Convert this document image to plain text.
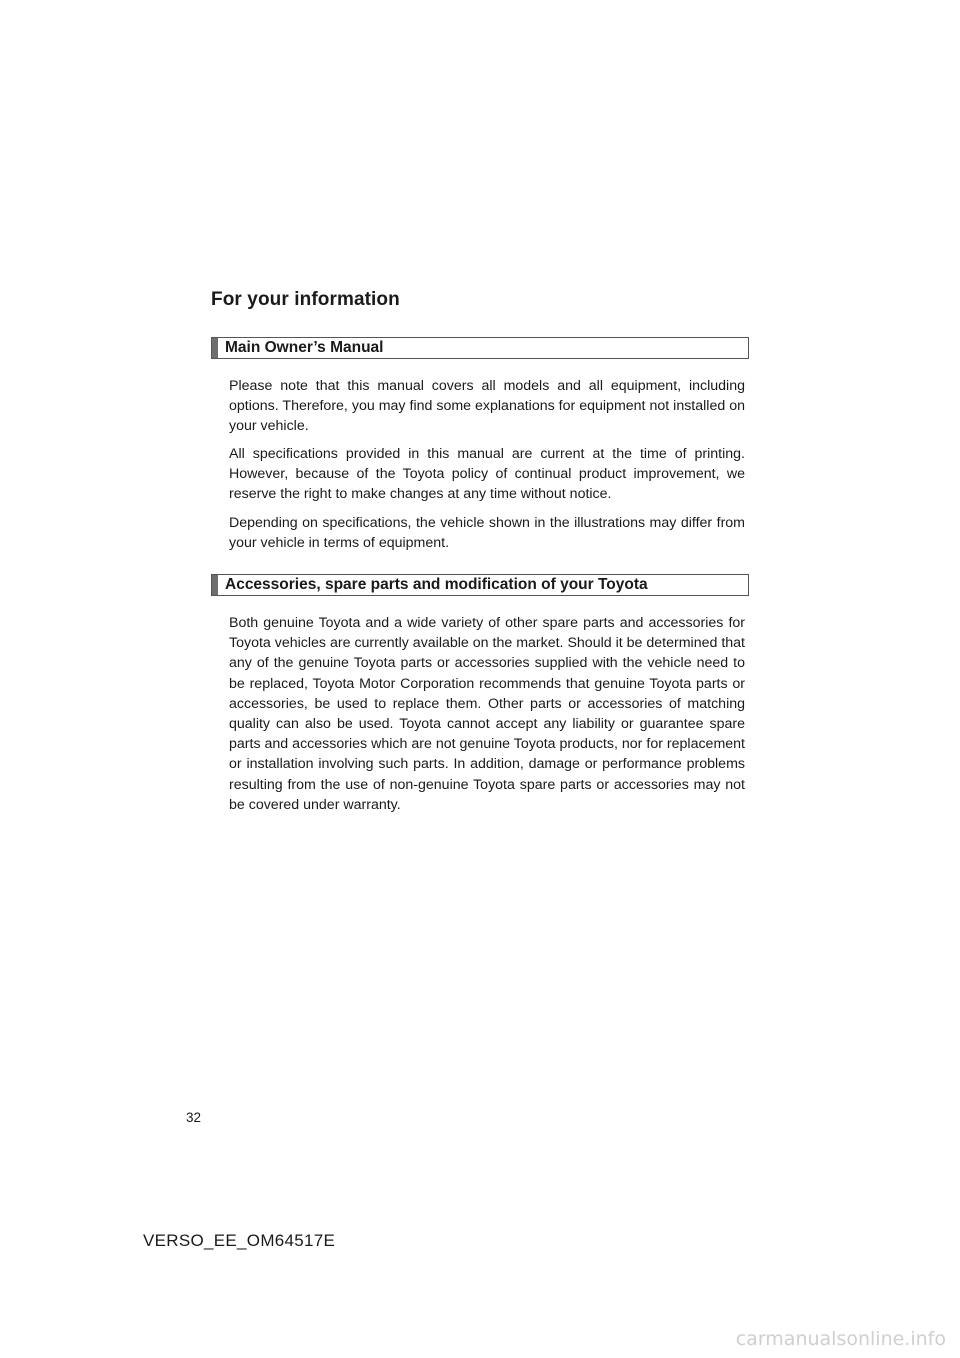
For your information
Main Owner’s Manual

Please note that this manual covers all models and all equipment, including options. Therefore, you may find some explanations for equipment not installed on your vehicle.

All specifications provided in this manual are current at the time of printing. However, because of the Toyota policy of continual product improvement, we reserve the right to make changes at any time without notice.

Depending on specifications, the vehicle shown in the illustrations may differ from your vehicle in terms of equipment.

Accessories, spare parts and modification of your Toyota

Both genuine Toyota and a wide variety of other spare parts and accessories for Toyota vehicles are currently available on the market. Should it be determined that any of the genuine Toyota parts or accessories supplied with the vehicle need to be replaced, Toyota Motor Corporation recommends that genuine Toyota parts or accessories, be used to replace them. Other parts or accessories of matching quality can also be used. Toyota cannot accept any liability or guarantee spare parts and accessories which are not genuine Toyota products, nor for replacement or installation involving such parts. In addition, damage or performance problems resulting from the use of non-genuine Toyota spare parts or accessories may not be covered under warranty.

32
VERSO_EE_OM64517E
carmanualsonline.info
